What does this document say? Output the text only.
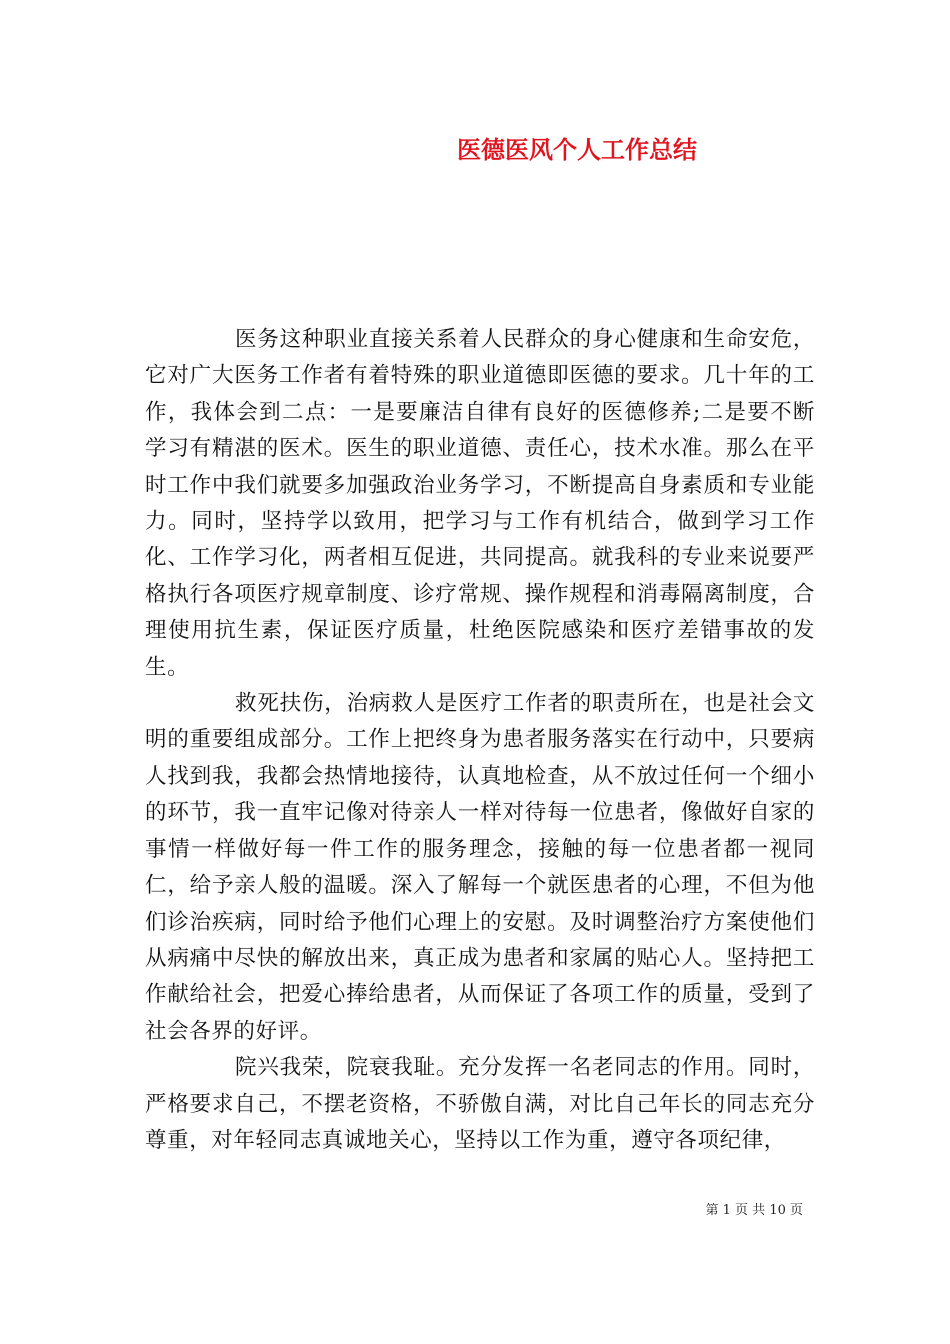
医德医风个人工作总结

医务这种职业直接关系着人民群众的身心健康和生命安危，它对广大医务工作者有着特殊的职业道德即医德的要求。几十年的工作，我体会到二点：一是要廉洁自律有良好的医德修养;二是要不断学习有精湛的医术。医生的职业道德、责任心，技术水准。那么在平时工作中我们就要多加强政治业务学习，不断提高自身素质和专业能力。同时，坚持学以致用，把学习与工作有机结合，做到学习工作化、工作学习化，两者相互促进，共同提高。就我科的专业来说要严格执行各项医疗规章制度、诊疗常规、操作规程和消毒隔离制度，合理使用抗生素，保证医疗质量，杜绝医院感染和医疗差错事故的发生。

救死扶伤，治病救人是医疗工作者的职责所在，也是社会文明的重要组成部分。工作上把终身为患者服务落实在行动中，只要病人找到我，我都会热情地接待，认真地检查，从不放过任何一个细小的环节，我一直牢记像对待亲人一样对待每一位患者，像做好自家的事情一样做好每一件工作的服务理念，接触的每一位患者都一视同仁，给予亲人般的温暖。深入了解每一个就医患者的心理，不但为他们诊治疾病，同时给予他们心理上的安慰。及时调整治疗方案使他们从病痛中尽快的解放出来，真正成为患者和家属的贴心人。坚持把工作献给社会，把爱心捧给患者，从而保证了各项工作的质量，受到了社会各界的好评。

院兴我荣，院衰我耻。充分发挥一名老同志的作用。同时，严格要求自己，不摆老资格，不骄傲自满，对比自己年长的同志充分尊重，对年轻同志真诚地关心，坚持以工作为重，遵守各项纪律，

第 1 页 共 10 页
